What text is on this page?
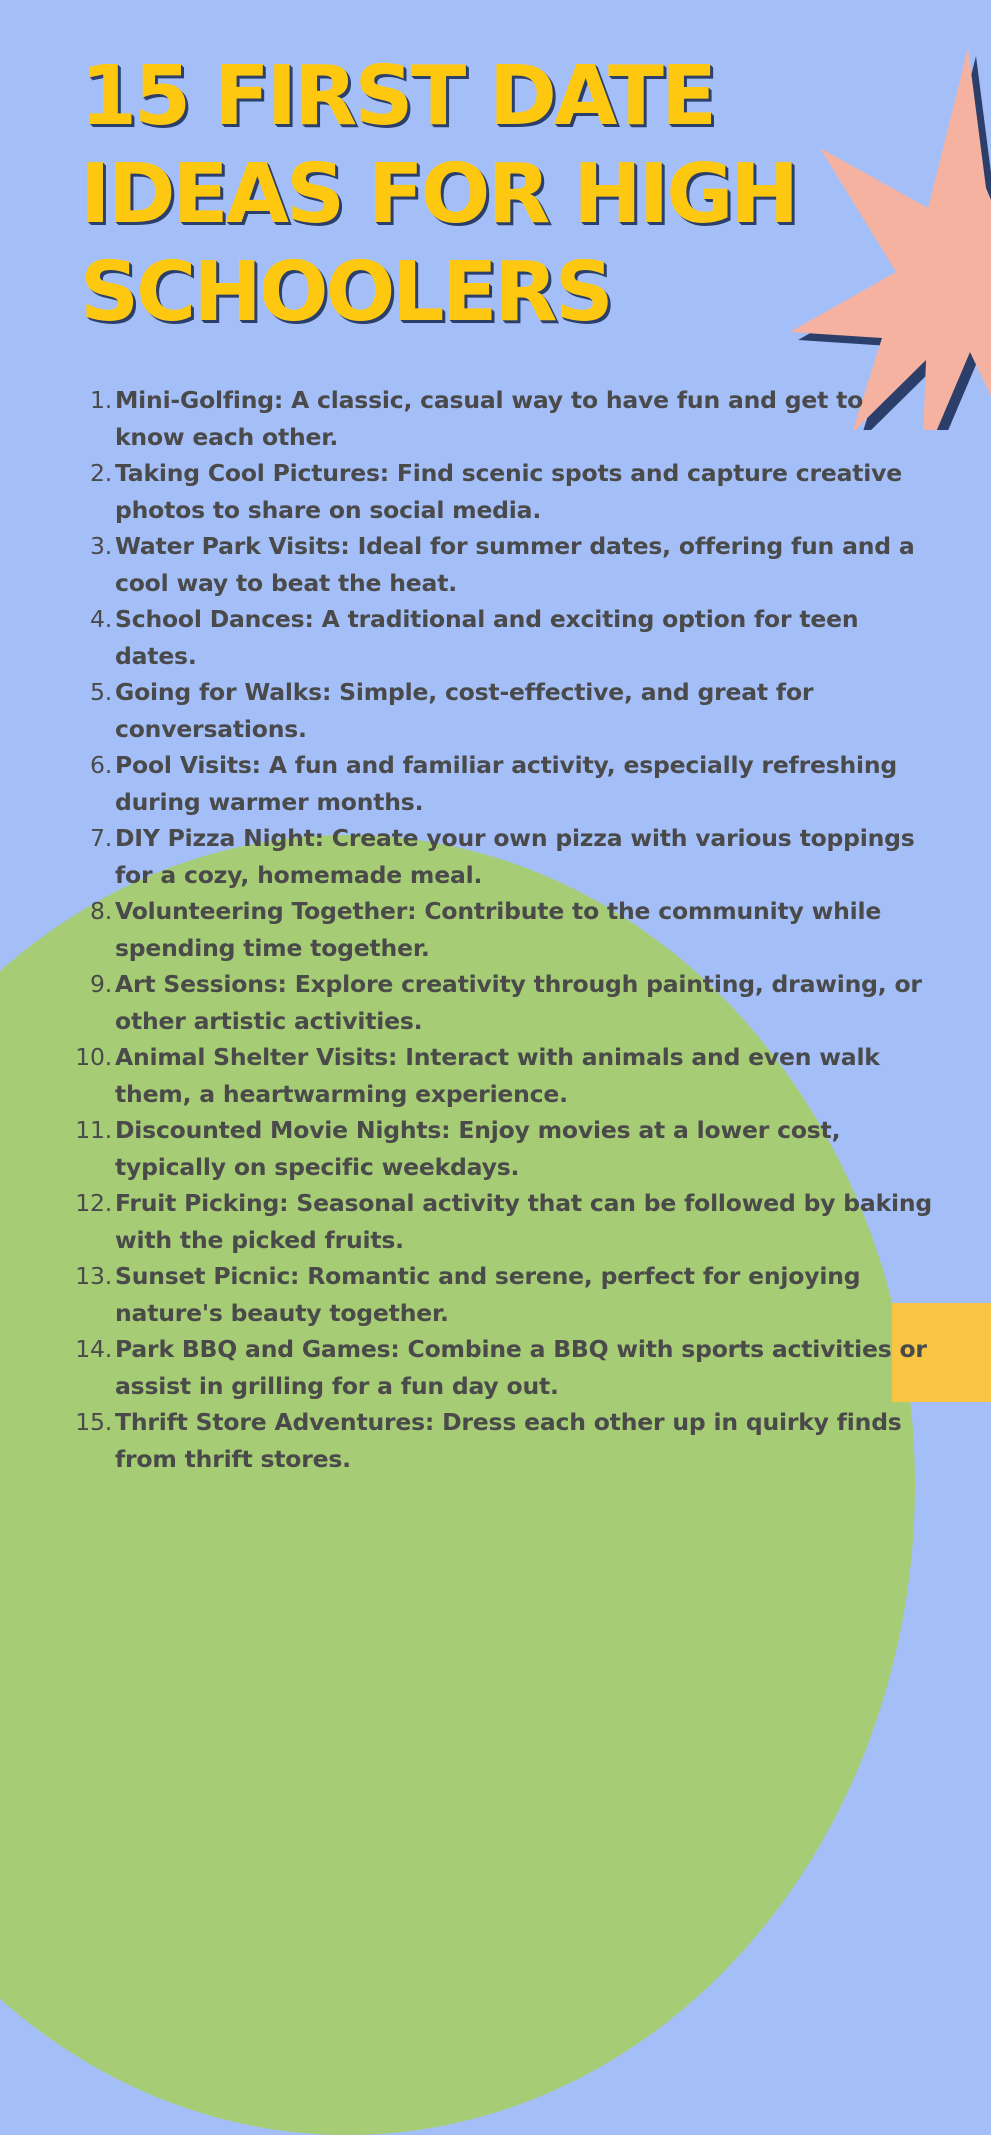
15 FIRST DATE
IDEAS FOR HIGH
SCHOOLERS
1. Mini-Golfing: A classic, casual way to have fun and get to know each other.
2. Taking Cool Pictures: Find scenic spots and capture creative photos to share on social media.
3. Water Park Visits: Ideal for summer dates, offering fun and a cool way to beat the heat.
4. School Dances: A traditional and exciting option for teen dates.
5. Going for Walks: Simple, cost-effective, and great for conversations.
6. Pool Visits: A fun and familiar activity, especially refreshing during warmer months.
7. DIY Pizza Night: Create your own pizza with various toppings for a cozy, homemade meal.
8. Volunteering Together: Contribute to the community while spending time together.
9. Art Sessions: Explore creativity through painting, drawing, or other artistic activities.
10. Animal Shelter Visits: Interact with animals and even walk them, a heartwarming experience.
11. Discounted Movie Nights: Enjoy movies at a lower cost, typically on specific weekdays.
12. Fruit Picking: Seasonal activity that can be followed by baking with the picked fruits.
13. Sunset Picnic: Romantic and serene, perfect for enjoying nature's beauty together.
14. Park BBQ and Games: Combine a BBQ with sports activities or assist in grilling for a fun day out.
15. Thrift Store Adventures: Dress each other up in quirky finds from thrift stores.
